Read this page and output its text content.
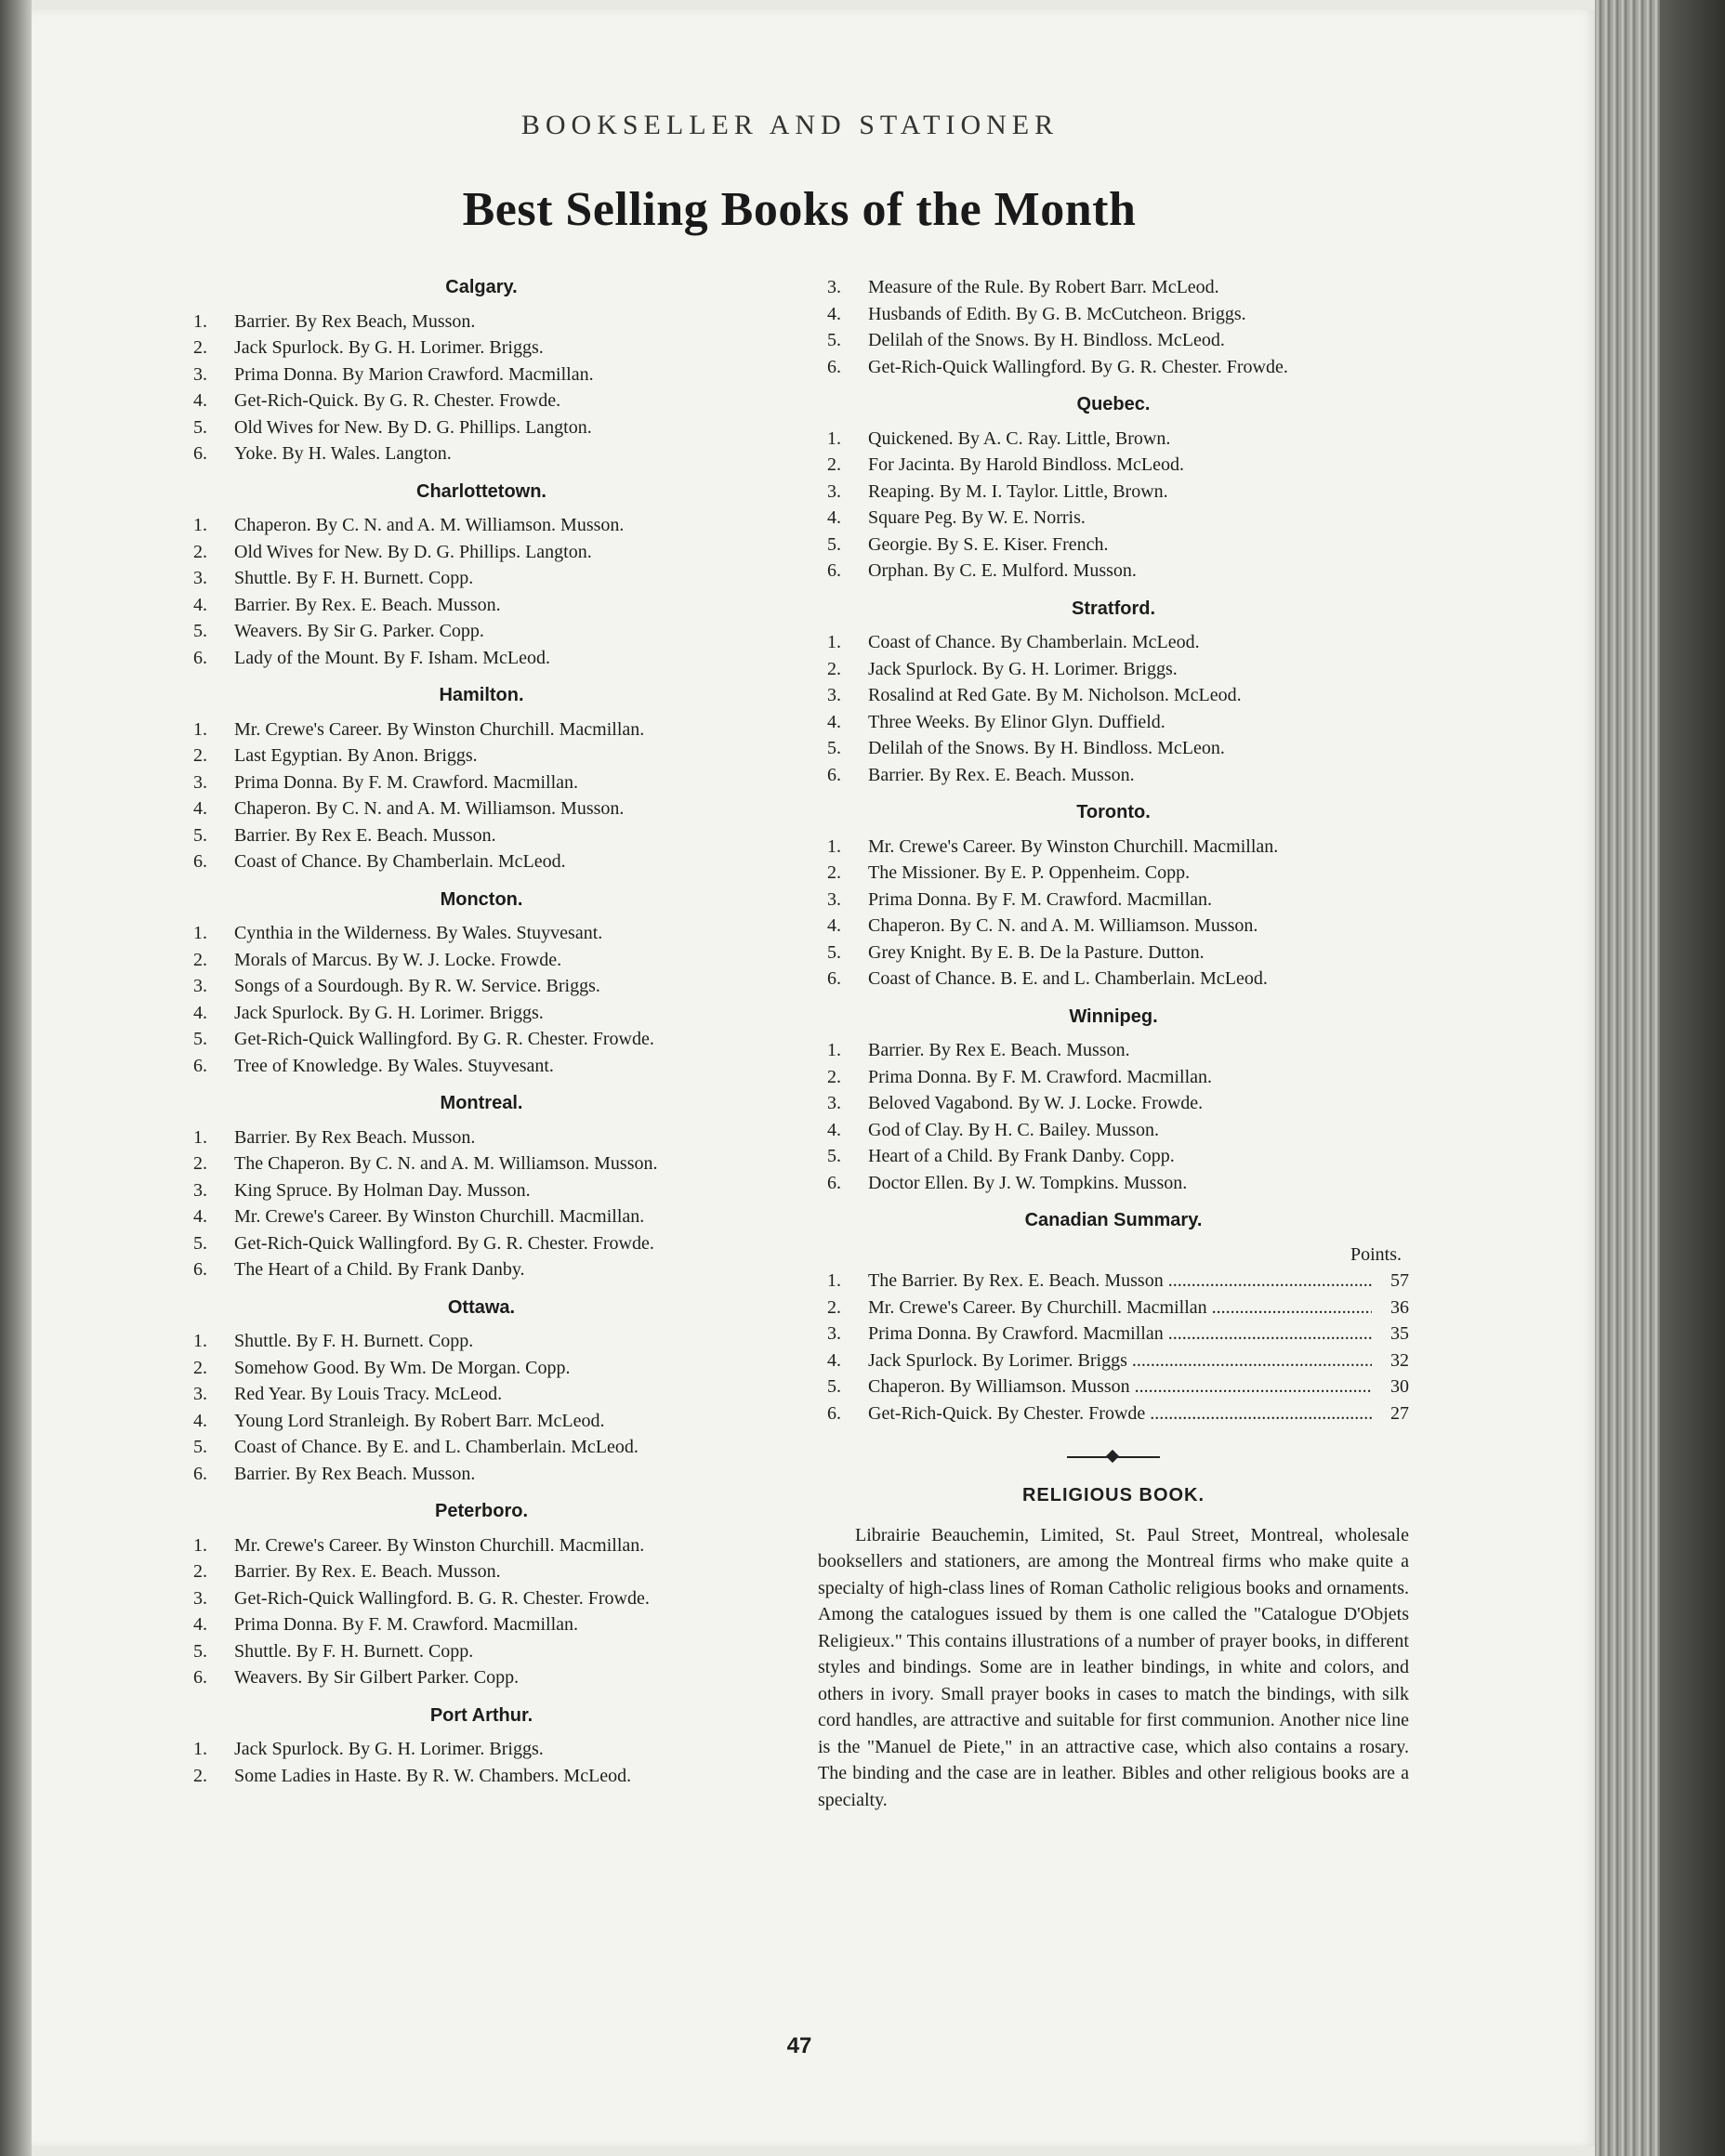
BOOKSELLER AND STATIONER
Best Selling Books of the Month
Calgary.
1. Barrier. By Rex Beach, Musson.
2. Jack Spurlock. By G. H. Lorimer. Briggs.
3. Prima Donna. By Marion Crawford. Macmillan.
4. Get-Rich-Quick. By G. R. Chester. Frowde.
5. Old Wives for New. By D. G. Phillips. Langton.
6. Yoke. By H. Wales. Langton.
Charlottetown.
1. Chaperon. By C. N. and A. M. Williamson. Musson.
2. Old Wives for New. By D. G. Phillips. Langton.
3. Shuttle. By F. H. Burnett. Copp.
4. Barrier. By Rex. E. Beach. Musson.
5. Weavers. By Sir G. Parker. Copp.
6. Lady of the Mount. By F. Isham. McLeod.
Hamilton.
1. Mr. Crewe's Career. By Winston Churchill. Macmillan.
2. Last Egyptian. By Anon. Briggs.
3. Prima Donna. By F. M. Crawford. Macmillan.
4. Chaperon. By C. N. and A. M. Williamson. Musson.
5. Barrier. By Rex E. Beach. Musson.
6. Coast of Chance. By Chamberlain. McLeod.
Moncton.
1. Cynthia in the Wilderness. By Wales. Stuyvesant.
2. Morals of Marcus. By W. J. Locke. Frowde.
3. Songs of a Sourdough. By R. W. Service. Briggs.
4. Jack Spurlock. By G. H. Lorimer. Briggs.
5. Get-Rich-Quick Wallingford. By G. R. Chester. Frowde.
6. Tree of Knowledge. By Wales. Stuyvesant.
Montreal.
1. Barrier. By Rex Beach. Musson.
2. The Chaperon. By C. N. and A. M. Williamson. Musson.
3. King Spruce. By Holman Day. Musson.
4. Mr. Crewe's Career. By Winston Churchill. Macmillan.
5. Get-Rich-Quick Wallingford. By G. R. Chester. Frowde.
6. The Heart of a Child. By Frank Danby.
Ottawa.
1. Shuttle. By F. H. Burnett. Copp.
2. Somehow Good. By Wm. De Morgan. Copp.
3. Red Year. By Louis Tracy. McLeod.
4. Young Lord Stranleigh. By Robert Barr. McLeod.
5. Coast of Chance. By E. and L. Chamberlain. McLeod.
6. Barrier. By Rex Beach. Musson.
Peterboro.
1. Mr. Crewe's Career. By Winston Churchill. Macmillan.
2. Barrier. By Rex. E. Beach. Musson.
3. Get-Rich-Quick Wallingford. B. G. R. Chester. Frowde.
4. Prima Donna. By F. M. Crawford. Macmillan.
5. Shuttle. By F. H. Burnett. Copp.
6. Weavers. By Sir Gilbert Parker. Copp.
Port Arthur.
1. Jack Spurlock. By G. H. Lorimer. Briggs.
2. Some Ladies in Haste. By R. W. Chambers. McLeod.
3. Measure of the Rule. By Robert Barr. McLeod.
4. Husbands of Edith. By G. B. McCutcheon. Briggs.
5. Delilah of the Snows. By H. Bindloss. McLeod.
6. Get-Rich-Quick Wallingford. By G. R. Chester. Frowde.
Quebec.
1. Quickened. By A. C. Ray. Little, Brown.
2. For Jacinta. By Harold Bindloss. McLeod.
3. Reaping. By M. I. Taylor. Little, Brown.
4. Square Peg. By W. E. Norris.
5. Georgie. By S. E. Kiser. French.
6. Orphan. By C. E. Mulford. Musson.
Stratford.
1. Coast of Chance. By Chamberlain. McLeod.
2. Jack Spurlock. By G. H. Lorimer. Briggs.
3. Rosalind at Red Gate. By M. Nicholson. McLeod.
4. Three Weeks. By Elinor Glyn. Duffield.
5. Delilah of the Snows. By H. Bindloss. McLeon.
6. Barrier. By Rex. E. Beach. Musson.
Toronto.
1. Mr. Crewe's Career. By Winston Churchill. Macmillan.
2. The Missioner. By E. P. Oppenheim. Copp.
3. Prima Donna. By F. M. Crawford. Macmillan.
4. Chaperon. By C. N. and A. M. Williamson. Musson.
5. Grey Knight. By E. B. De la Pasture. Dutton.
6. Coast of Chance. B. E. and L. Chamberlain. McLeod.
Winnipeg.
1. Barrier. By Rex E. Beach. Musson.
2. Prima Donna. By F. M. Crawford. Macmillan.
3. Beloved Vagabond. By W. J. Locke. Frowde.
4. God of Clay. By H. C. Bailey. Musson.
5. Heart of a Child. By Frank Danby. Copp.
6. Doctor Ellen. By J. W. Tompkins. Musson.
Canadian Summary.
Points.
1. The Barrier. By Rex. E. Beach. Musson .....	57
2. Mr. Crewe's Career. By Churchill. Macmillan .....	36
3. Prima Donna. By Crawford. Macmillan .....	35
4. Jack Spurlock. By Lorimer. Briggs .....	32
5. Chaperon. By Williamson. Musson .....	30
6. Get-Rich-Quick. By Chester. Frowde .....	27
RELIGIOUS BOOK.
Librairie Beauchemin, Limited, St. Paul Street, Montreal, wholesale booksellers and stationers, are among the Montreal firms who make quite a specialty of high-class lines of Roman Catholic religious books and ornaments. Among the catalogues issued by them is one called the "Catalogue D'Objets Religieux." This contains illustrations of a number of prayer books, in different styles and bindings. Some are in leather bindings, in white and colors, and others in ivory. Small prayer books in cases to match the bindings, with silk cord handles, are attractive and suitable for first communion. Another nice line is the "Manuel de Piete," in an attractive case, which also contains a rosary. The binding and the case are in leather. Bibles and other religious books are a specialty.
47
